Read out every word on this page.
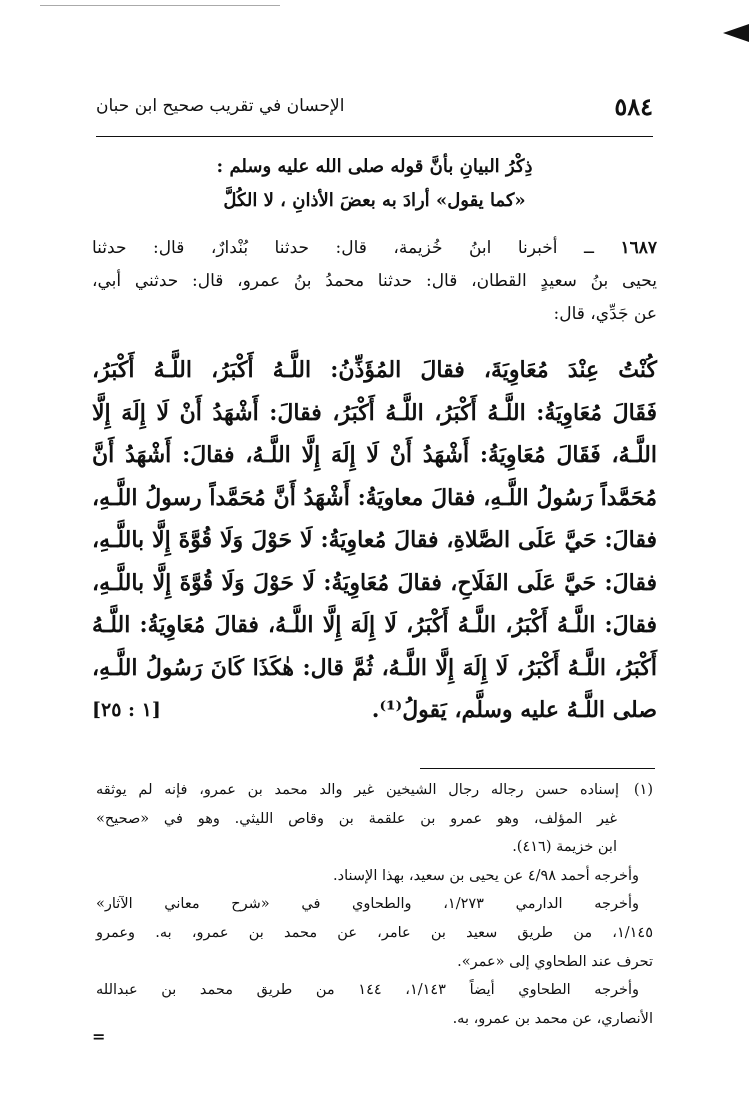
٥٨٤
الإحسان في تقريب صحيح ابن حبان
ذِكْرُ البيانِ بأنَّ قوله صلى الله عليه وسلم :
«كما يقول» أرادَ به بعضَ الأذانِ ، لا الكُلَّ
١٦٨٧ ــ أخبرنا ابنُ خُزيمة، قال: حدثنا بُنْدارٌ، قال: حدثنا
يحيى بنُ سعيدٍ القطان، قال: حدثنا محمدُ بنُ عمرو، قال: حدثني أبي،
عن جَدِّي، قال:
كُنْتُ عِنْدَ مُعَاوِيَةَ، فقالَ المُؤَذِّنُ: اللَّـهُ أَكْبَرُ، اللَّـهُ أَكْبَرُ،
فَقَالَ مُعَاوِيَةُ: اللَّـهُ أَكْبَرُ، اللَّـهُ أَكْبَرُ، فقالَ: أَشْهَدُ أَنْ لَا إِلَهَ إِلَّا
اللَّـهُ، فَقَالَ مُعَاوِيَةُ: أَشْهَدُ أَنْ لَا إِلَهَ إِلَّا اللَّـهُ، فقالَ: أَشْهَدُ أَنَّ
مُحَمَّداً رَسُولُ اللَّـهِ، فقالَ معاويَةُ: أَشْهَدُ أَنَّ مُحَمَّداً رسولُ اللَّـهِ،
فقالَ: حَيَّ عَلَى الصَّلاةِ، فقالَ مُعاوِيَةُ: لَا حَوْلَ وَلَا قُوَّةَ إِلَّا باللَّـهِ،
فقالَ: حَيَّ عَلَى الفَلَاحِ، فقالَ مُعَاوِيَةُ: لَا حَوْلَ وَلَا قُوَّةَ إِلَّا باللَّـهِ،
فقالَ: اللَّـهُ أَكْبَرُ، اللَّـهُ أَكْبَرُ، لَا إِلَهَ إِلَّا اللَّـهُ، فقالَ مُعَاوِيَةُ: اللَّـهُ
أَكْبَرُ، اللَّـهُ أَكْبَرُ، لَا إِلَهَ إِلَّا اللَّـهُ، ثُمَّ قال: هٰكَذَا كَانَ رَسُولُ اللَّـهِ،
صلى اللَّـهُ عليه وسلَّم، يَقولُ⁽¹⁾.
[١ : ٢٥]
(١)إسناده حسن رجاله رجال الشيخين غير والد محمد بن عمرو، فإنه لم يوثقه
غير المؤلف، وهو عمرو بن علقمة بن وقاص الليثي. وهو في «صحيح»
ابن خزيمة (٤١٦).
وأخرجه أحمد ٤/٩٨ عن يحيى بن سعيد، بهذا الإسناد.
وأخرجه الدارمي ١/٢٧٣، والطحاوي في «شرح معاني الآثار»
١/١٤٥، من طريق سعيد بن عامر، عن محمد بن عمرو، به. وعمرو
تحرف عند الطحاوي إلى «عمر».
وأخرجه الطحاوي أيضاً ١/١٤٣، ١٤٤ من طريق محمد بن عبدالله
الأنصاري، عن محمد بن عمرو، به.
=
